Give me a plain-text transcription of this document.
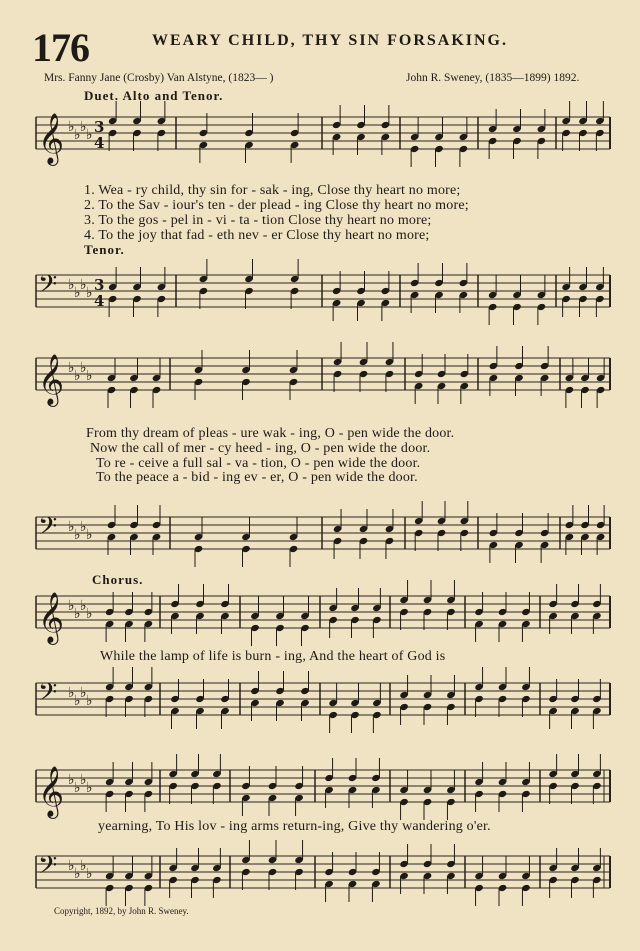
𝄞 ♭ ♭ ♭ ♭ 3
4
𝄢 ♭ ♭ ♭ ♭ 3
4
𝄞 ♭ ♭ ♭ ♭
𝄢 ♭ ♭ ♭ ♭
𝄞 ♭ ♭ ♭ ♭
𝄢 ♭ ♭ ♭ ♭
𝄞 ♭ ♭ ♭ ♭
𝄢 ♭ ♭ ♭ ♭
176	WEARY CHILD, THY SIN FORSAKING.
Mrs. Fanny Jane (Crosby) Van Alstyne, (1823— )	John R. Sweney, (1835—1899) 1892.
Duet. Alto and Tenor.
Tenor.
Chorus.
1. Wea - ry child, thy sin for - sak - ing, Close thy heart no more;
2. To the Sav - iour's ten - der plead - ing Close thy heart no more;
3. To the gos - pel in - vi - ta - tion Close thy heart no more;
4. To the joy that fad - eth nev - er Close thy heart no more;
From thy dream of pleas - ure wak - ing, O - pen wide the door.
Now the call of mer - cy heed - ing, O - pen wide the door.
To re - ceive a full sal - va - tion, O - pen wide the door.
To the peace a - bid - ing ev - er, O - pen wide the door.
While the lamp of life is burn - ing, And the heart of God is
yearning, To His lov - ing arms return-ing, Give thy wandering o'er.
Copyright, 1892, by John R. Sweney.
